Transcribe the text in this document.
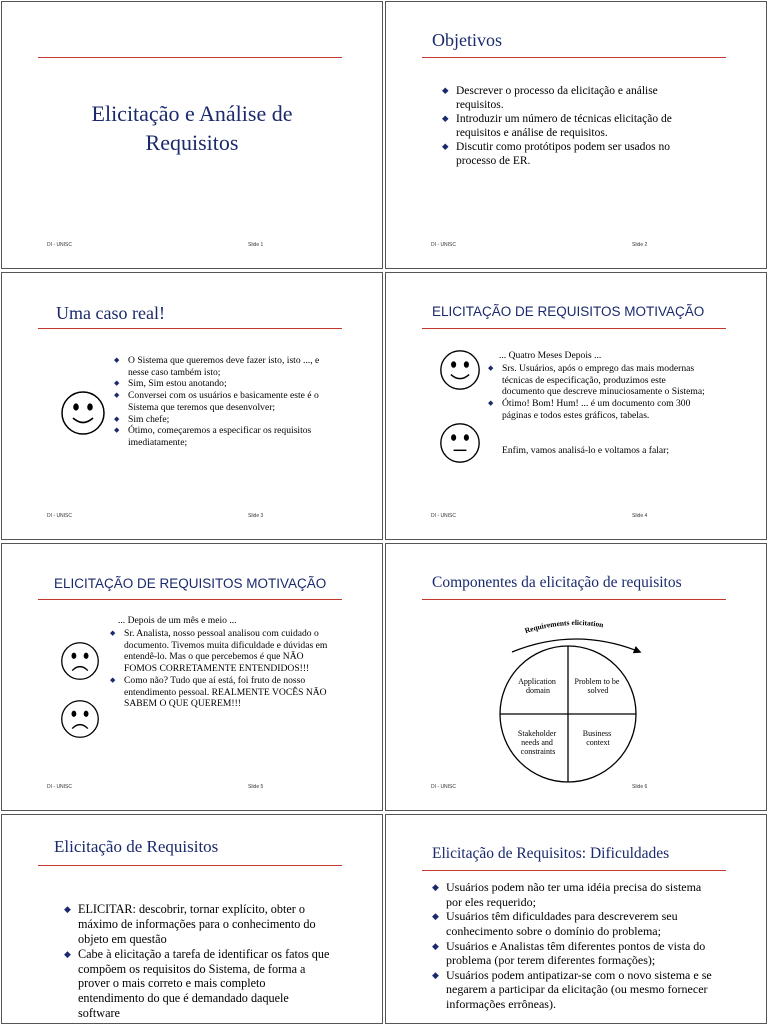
Elicitação e Análise de
Requisitos
DI - UNISC	Slide 1
Objetivos
◆ Descrever o processo da elicitação e análise requisitos.
◆ Introduzir um número de técnicas elicitação de requisitos e análise de requisitos.
◆ Discutir como protótipos podem ser usados no processo de ER.
DI - UNISC	Slide 2
Uma caso real!
◆ O Sistema que queremos deve fazer isto, isto ..., e nesse caso também isto;
◆ Sim, Sim estou anotando;
◆ Conversei com os usuários e basicamente este é o Sistema que teremos que desenvolver;
◆ Sim chefe;
◆ Ótimo, começaremos a especificar os requisitos imediatamente;
DI - UNISC	Slide 3
ELICITAÇÃO DE REQUISITOS MOTIVAÇÃO
... Quatro Meses Depois ...
◆ Srs. Usuários, após o emprego das mais modernas técnicas de especificação, produzimos este documento que descreve minuciosamente o Sistema;
◆ Ótimo! Bom! Hum! ... é um documento com 300 páginas e todos estes gráficos, tabelas.
Enfim, vamos analisá-lo e voltamos a falar;
DI - UNISC	Slide 4
ELICITAÇÃO DE REQUISITOS MOTIVAÇÃO
... Depois de um mês e meio ...
◆ Sr. Analista, nosso pessoal analisou com cuidado o documento. Tivemos muita dificuldade e dúvidas em entendê-lo. Mas o que percebemos é que NÃO FOMOS CORRETAMENTE ENTENDIDOS!!!
◆ Como não? Tudo que aí está, foi fruto de nosso entendimento pessoal. REALMENTE VOCÊS NÃO SABEM O QUE QUEREM!!!
DI - UNISC	Slide 5
Componentes da elicitação de requisitos
Requirements elicitation
Application domain
Problem to be solved
Stakeholder needs and constraints
Business context
DI - UNISC	Slide 6
Elicitação de Requisitos
◆ ELICITAR: descobrir, tornar explícito, obter o máximo de informações para o conhecimento do objeto em questão
◆ Cabe à elicitação a tarefa de identificar os fatos que compõem os requisitos do Sistema, de forma a prover o mais correto e mais completo entendimento do que é demandado daquele software
Elicitação de Requisitos: Dificuldades
◆ Usuários podem não ter uma idéia precisa do sistema por eles requerido;
◆ Usuários têm dificuldades para descreverem seu conhecimento sobre o domínio do problema;
◆ Usuários e Analistas têm diferentes pontos de vista do problema (por terem diferentes formações);
◆ Usuários podem antipatizar-se com o novo sistema e se negarem a participar da elicitação (ou mesmo fornecer informações errôneas).
